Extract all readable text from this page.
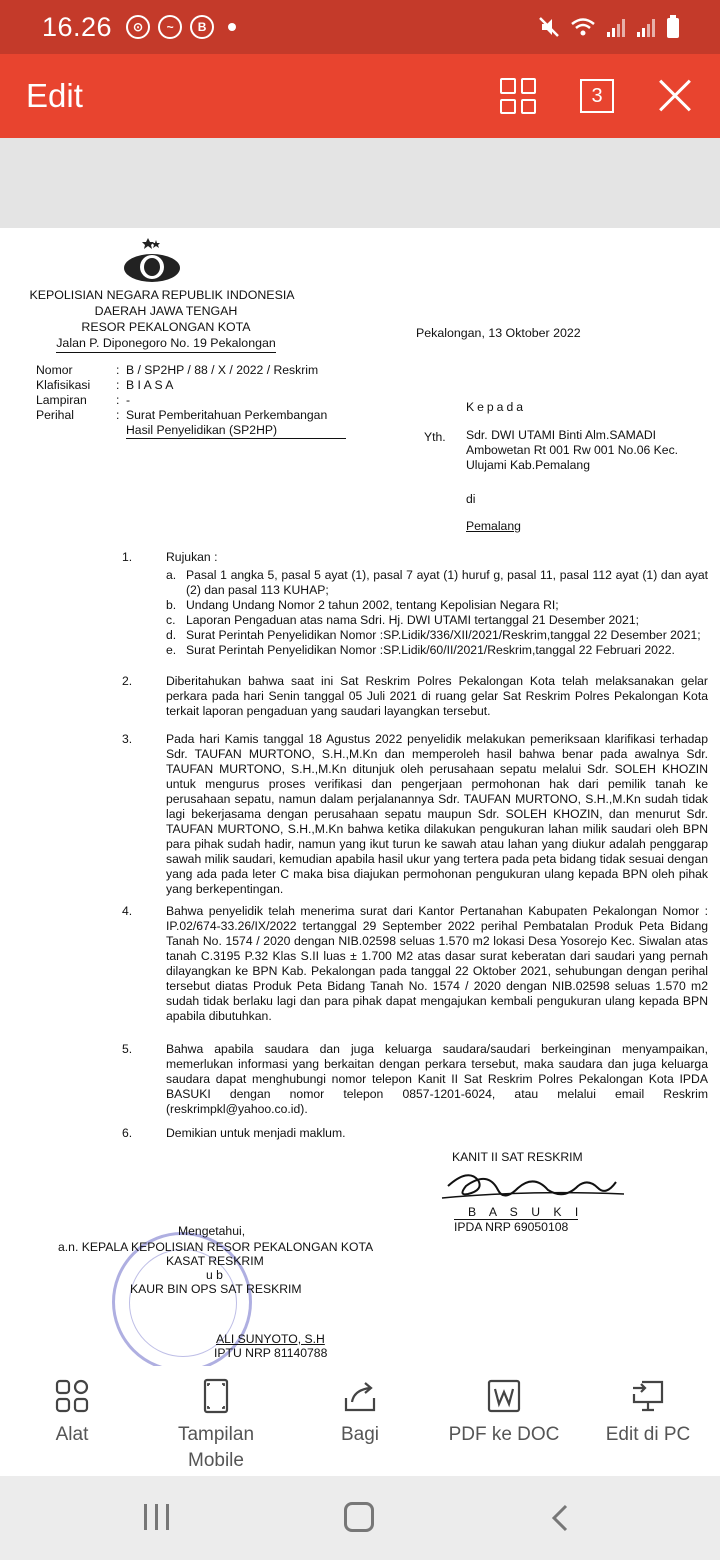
16.26	⊙	~	B
Edit	3
KEPOLISIAN NEGARA REPUBLIK INDONESIA
DAERAH JAWA TENGAH
RESOR PEKALONGAN KOTA
Jalan P. Diponegoro No. 19 Pekalongan
Pekalongan, 13 Oktober 2022
Nomor	: B / SP2HP / 88 / X / 2022 / Reskrim
Klafisikasi	: B I A S A
Lampiran	: -
Perihal	: Surat Pemberitahuan Perkembangan Hasil Penyelidikan (SP2HP)
Kepada
Yth. Sdr. DWI UTAMI Binti Alm.SAMADI Ambowetan Rt 001 Rw 001 No.06 Kec. Ulujami Kab.Pemalang
di
Pemalang
1.	Rujukan :
a. Pasal 1 angka 5, pasal 5 ayat (1), pasal 7 ayat (1) huruf g, pasal 11, pasal 112 ayat (1) dan ayat (2) dan pasal 113 KUHAP;
b. Undang Undang Nomor 2 tahun 2002, tentang Kepolisian Negara RI;
c. Laporan Pengaduan atas nama Sdri. Hj. DWI UTAMI tertanggal 21 Desember 2021;
d. Surat Perintah Penyelidikan Nomor :SP.Lidik/336/XII/2021/Reskrim,tanggal 22 Desember 2021;
e. Surat Perintah Penyelidikan Nomor :SP.Lidik/60/II/2021/Reskrim,tanggal 22 Februari 2022.
2.	Diberitahukan bahwa saat ini Sat Reskrim Polres Pekalongan Kota telah melaksanakan gelar perkara pada hari Senin tanggal 05 Juli 2021 di ruang gelar Sat Reskrim Polres Pekalongan Kota terkait laporan pengaduan yang saudari layangkan tersebut.
3.	Pada hari Kamis tanggal 18 Agustus 2022 penyelidik melakukan pemeriksaan klarifikasi terhadap Sdr. TAUFAN MURTONO, S.H.,M.Kn dan memperoleh hasil bahwa benar pada awalnya Sdr. TAUFAN MURTONO, S.H.,M.Kn ditunjuk oleh perusahaan sepatu melalui Sdr. SOLEH KHOZIN untuk mengurus proses verifikasi dan pengerjaan permohonan hak dari pemilik tanah ke perusahaan sepatu, namun dalam perjalanannya Sdr. TAUFAN MURTONO, S.H.,M.Kn sudah tidak lagi bekerjasama dengan perusahaan sepatu maupun Sdr. SOLEH KHOZIN, dan menurut Sdr. TAUFAN MURTONO, S.H.,M.Kn bahwa ketika dilakukan pengukuran lahan milik saudari oleh BPN para pihak sudah hadir, namun yang ikut turun ke sawah atau lahan yang diukur adalah penggarap sawah milik saudari, kemudian apabila hasil ukur yang tertera pada peta bidang tidak sesuai dengan yang ada pada leter C maka bisa diajukan permohonan pengukuran ulang kepada BPN oleh pihak yang berkepentingan.
4.	Bahwa penyelidik telah menerima surat dari Kantor Pertanahan Kabupaten Pekalongan Nomor : IP.02/674-33.26/IX/2022 tertanggal 29 September 2022 perihal Pembatalan Produk Peta Bidang Tanah No. 1574 / 2020 dengan NIB.02598 seluas 1.570 m2 lokasi Desa Yosorejo Kec. Siwalan atas tanah C.3195 P.32 Klas S.II luas ± 1.700 M2 atas dasar surat keberatan dari saudari yang pernah dilayangkan ke BPN Kab. Pekalongan pada tanggal 22 Oktober 2021, sehubungan dengan perihal tersebut diatas Produk Peta Bidang Tanah No. 1574 / 2020 dengan NIB.02598 seluas 1.570 m2 sudah tidak berlaku lagi dan para pihak dapat mengajukan kembali pengukuran ulang kepada BPN apabila dibutuhkan.
5.	Bahwa apabila saudara dan juga keluarga saudara/saudari berkeinginan menyampaikan, memerlukan informasi yang berkaitan dengan perkara tersebut, maka saudara dan juga keluarga saudara dapat menghubungi nomor telepon Kanit II Sat Reskrim Polres Pekalongan Kota IPDA BASUKI dengan nomor telepon 0857-1201-6024, atau melalui email Reskrim (reskrimpkl@yahoo.co.id).
6.	Demikian untuk menjadi maklum.
KANIT II SAT RESKRIM
B A S U K I
IPDA NRP 69050108
Mengetahui,
a.n. KEPALA KEPOLISIAN RESOR PEKALONGAN KOTA
KASAT RESKRIM
u b
KAUR BIN OPS SAT RESKRIM
ALI SUNYOTO, S.H
IPTU NRP 81140788
Alat	Tampilan Mobile
Bagi	PDF ke DOC Edit di PC
